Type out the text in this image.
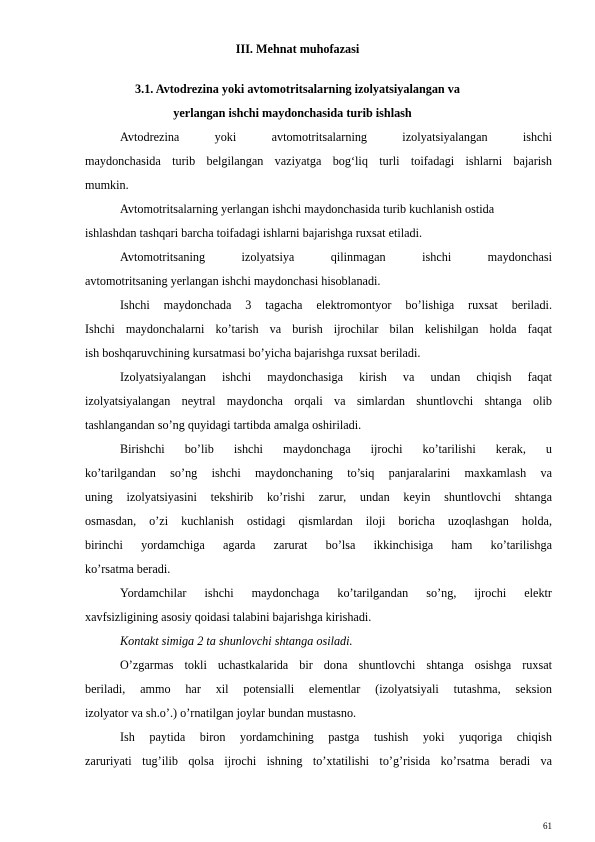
III. Mehnat muhofazasi
3.1. Avtodrezina yoki avtomotritsalarning izolyatsiyalangan va
yerlangan ishchi maydonchasida turib ishlash
Avtodrezina yoki avtomotritsalarning izolyatsiyalangan ishchi
maydonchasida turib belgilangan vaziyatga bog‘liq turli toifadagi ishlarni bajarish
mumkin.
Avtomotritsalarning yerlangan ishchi maydonchasida turib kuchlanish ostida
ishlashdan tashqari barcha toifadagi ishlarni bajarishga ruxsat etiladi.
Avtomotritsaning izolyatsiya qilinmagan ishchi maydonchasi
avtomotritsaning yerlangan ishchi maydonchasi hisoblanadi.
Ishchi maydonchada 3 tagacha elektromontyor bo’lishiga ruxsat beriladi.
Ishchi maydonchalarni ko’tarish va burish ijrochilar bilan kelishilgan holda faqat
ish boshqaruvchining kursatmasi bo’yicha bajarishga ruxsat beriladi.
Izolyatsiyalangan ishchi maydonchasiga kirish va undan chiqish faqat
izolyatsiyalangan neytral maydoncha orqali va simlardan shuntlovchi shtanga olib
tashlangandan so’ng quyidagi tartibda amalga oshiriladi.
Birishchi bo’lib ishchi maydonchaga ijrochi ko’tarilishi kerak, u
ko’tarilgandan so’ng ishchi maydonchaning to’siq panjaralarini maxkamlash va
uning izolyatsiyasini tekshirib ko’rishi zarur, undan keyin shuntlovchi shtanga
osmasdan, o’zi kuchlanish ostidagi qismlardan iloji boricha uzoqlashgan holda,
birinchi yordamchiga agarda zarurat bo’lsa ikkinchisiga ham ko’tarilishga
ko’rsatma beradi.
Yordamchilar ishchi maydonchaga ko’tarilgandan so’ng, ijrochi elektr
xavfsizligining asosiy qoidasi talabini bajarishga kirishadi.
Kontakt simiga 2 ta shunlovchi shtanga osiladi.
O’zgarmas tokli uchastkalarida bir dona shuntlovchi shtanga osishga ruxsat
beriladi, ammo har xil potensialli elementlar (izolyatsiyali tutashma, seksion
izolyator va sh.o’.) o’rnatilgan joylar bundan mustasno.
Ish paytida biron yordamchining pastga tushish yoki yuqoriga chiqish
zaruriyati tug’ilib qolsa ijrochi ishning to’xtatilishi to’g’risida ko’rsatma beradi va
61
